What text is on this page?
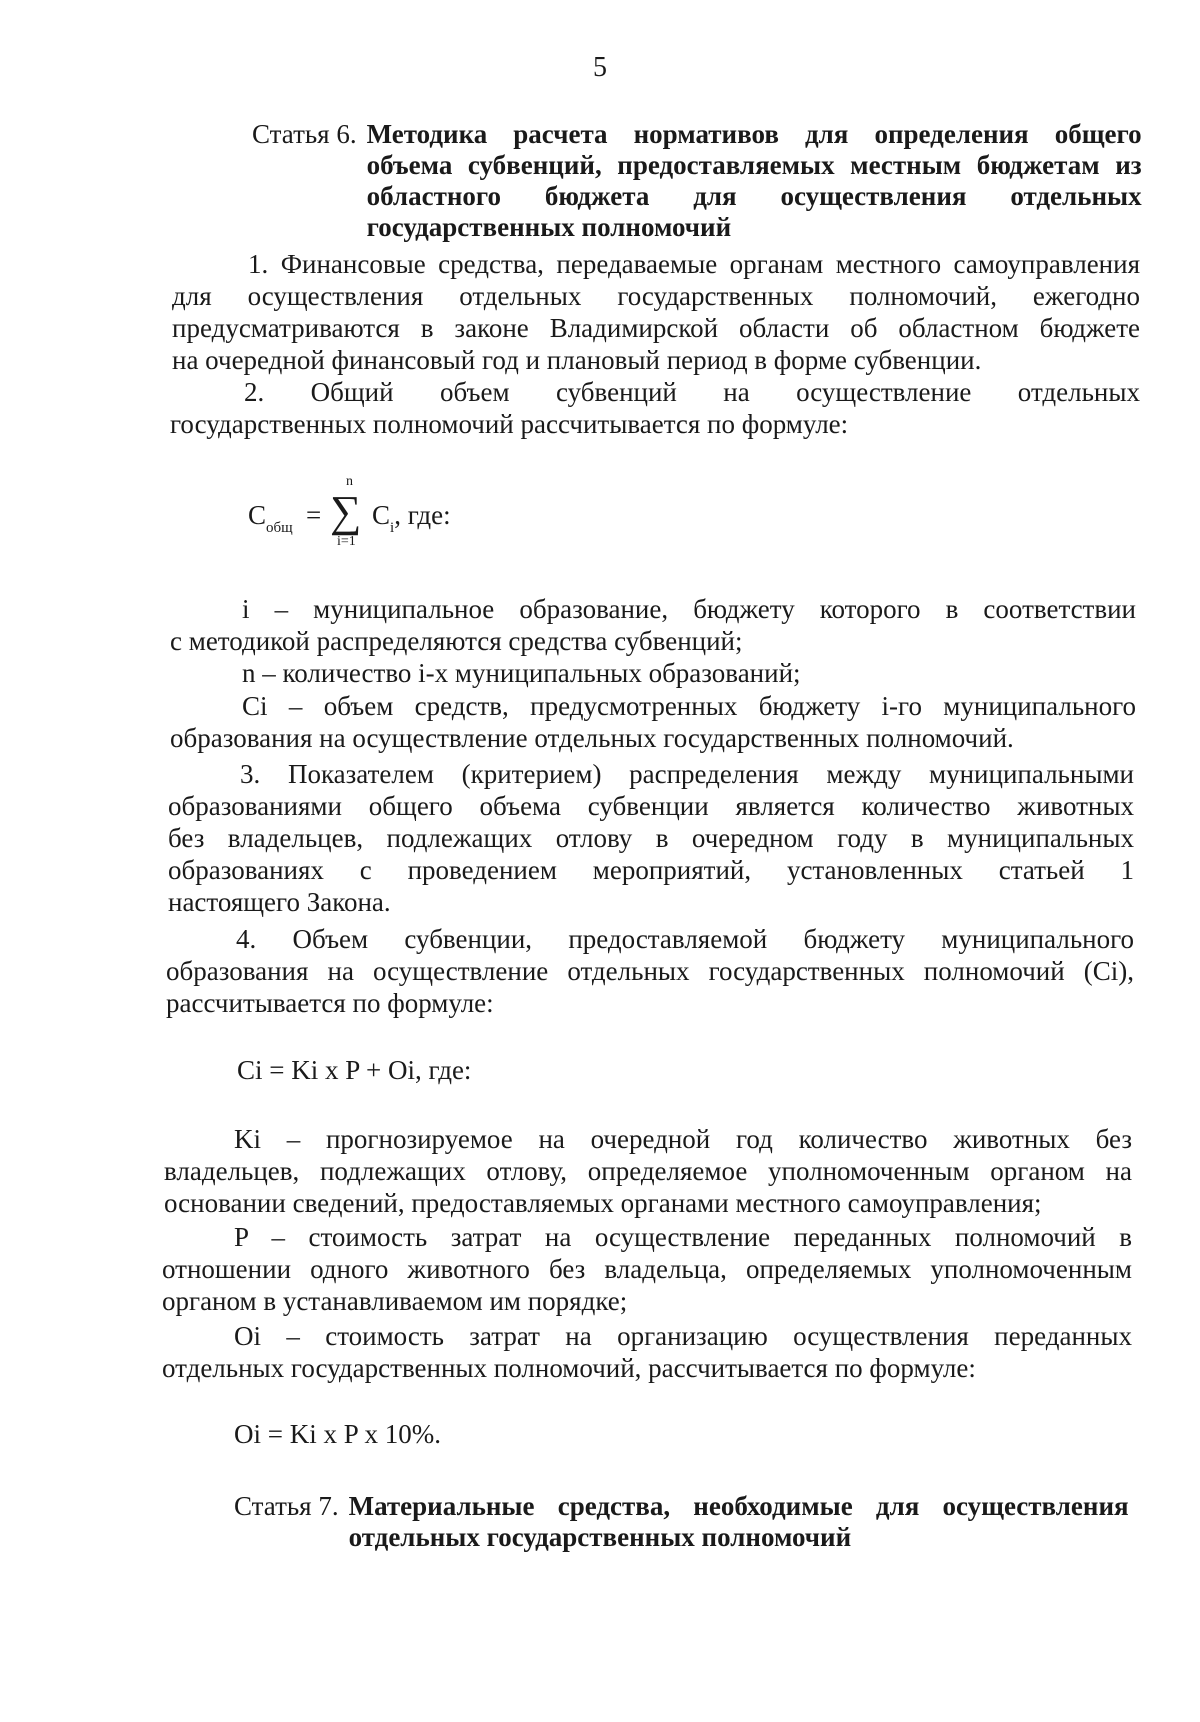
5
Статья 6. Методика расчета нормативов для определения общего
объема субвенций, предоставляемых местным бюджетам из
областного бюджета для осуществления отдельных
государственных полномочий
1. Финансовые средства, передаваемые органам местного самоуправления
для осуществления отдельных государственных полномочий, ежегодно
предусматриваются в законе Владимирской области об областном бюджете
на очередной финансовый год и плановый период в форме субвенции.
2. Общий объем субвенций на осуществление отдельных
государственных полномочий рассчитывается по формуле:
$C_{общ}$ =
n
∑
i=1
$C_i$, где:
i – муниципальное образование, бюджету которого в соответствии
с методикой распределяются средства субвенций;
n – количество i-х муниципальных образований;
Ci – объем средств, предусмотренных бюджету i-го муниципального
образования на осуществление отдельных государственных полномочий.
3. Показателем (критерием) распределения между муниципальными
образованиями общего объема субвенции является количество животных
без владельцев, подлежащих отлову в очередном году в муниципальных
образованиях с проведением мероприятий, установленных статьей 1
настоящего Закона.
4. Объем субвенции, предоставляемой бюджету муниципального
образования на осуществление отдельных государственных полномочий (Ci),
рассчитывается по формуле:
Ci = Ki x P + Oi, где:
Ki – прогнозируемое на очередной год количество животных без
владельцев, подлежащих отлову, определяемое уполномоченным органом на
основании сведений, предоставляемых органами местного самоуправления;
P – стоимость затрат на осуществление переданных полномочий в
отношении одного животного без владельца, определяемых уполномоченным
органом в устанавливаемом им порядке;
Oi – стоимость затрат на организацию осуществления переданных
отдельных государственных полномочий, рассчитывается по формуле:
Oi = Ki x P x 10%.
Статья 7. Материальные средства, необходимые для осуществления
отдельных государственных полномочий
